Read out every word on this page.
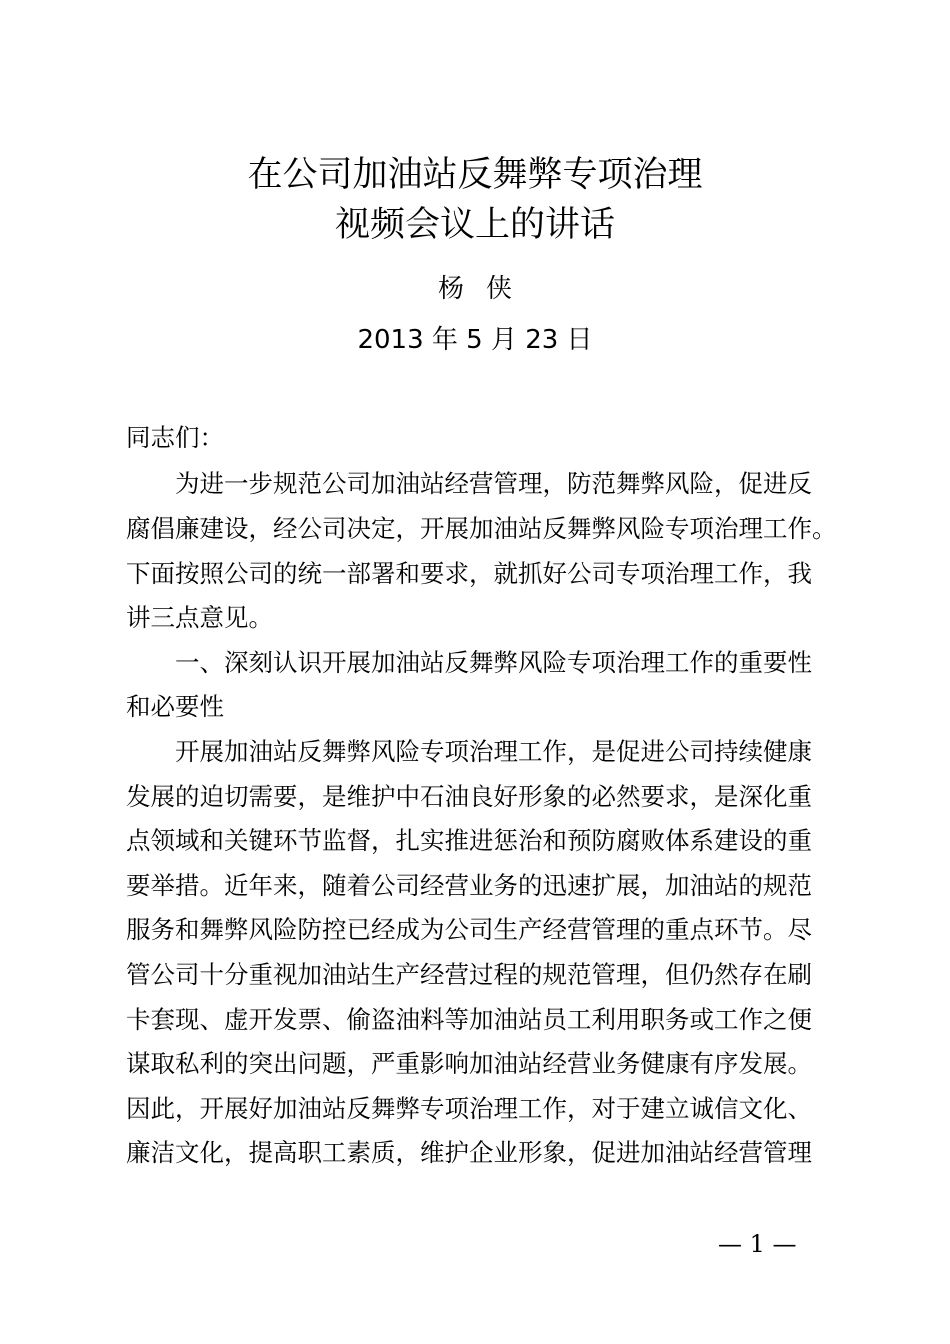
在公司加油站反舞弊专项治理
视频会议上的讲话
杨侠
2013 年 5 月 23 日
同志们：
　　为进一步规范公司加油站经营管理，防范舞弊风险，促进反
腐倡廉建设，经公司决定，开展加油站反舞弊风险专项治理工作。
下面按照公司的统一部署和要求，就抓好公司专项治理工作，我
讲三点意见。
　　一、深刻认识开展加油站反舞弊风险专项治理工作的重要性
和必要性
　　开展加油站反舞弊风险专项治理工作，是促进公司持续健康
发展的迫切需要，是维护中石油良好形象的必然要求，是深化重
点领域和关键环节监督，扎实推进惩治和预防腐败体系建设的重
要举措。近年来，随着公司经营业务的迅速扩展，加油站的规范
服务和舞弊风险防控已经成为公司生产经营管理的重点环节。尽
管公司十分重视加油站生产经营过程的规范管理，但仍然存在刷
卡套现、虚开发票、偷盗油料等加油站员工利用职务或工作之便
谋取私利的突出问题，严重影响加油站经营业务健康有序发展。
因此，开展好加油站反舞弊专项治理工作，对于建立诚信文化、
廉洁文化，提高职工素质，维护企业形象，促进加油站经营管理
— 1 —
